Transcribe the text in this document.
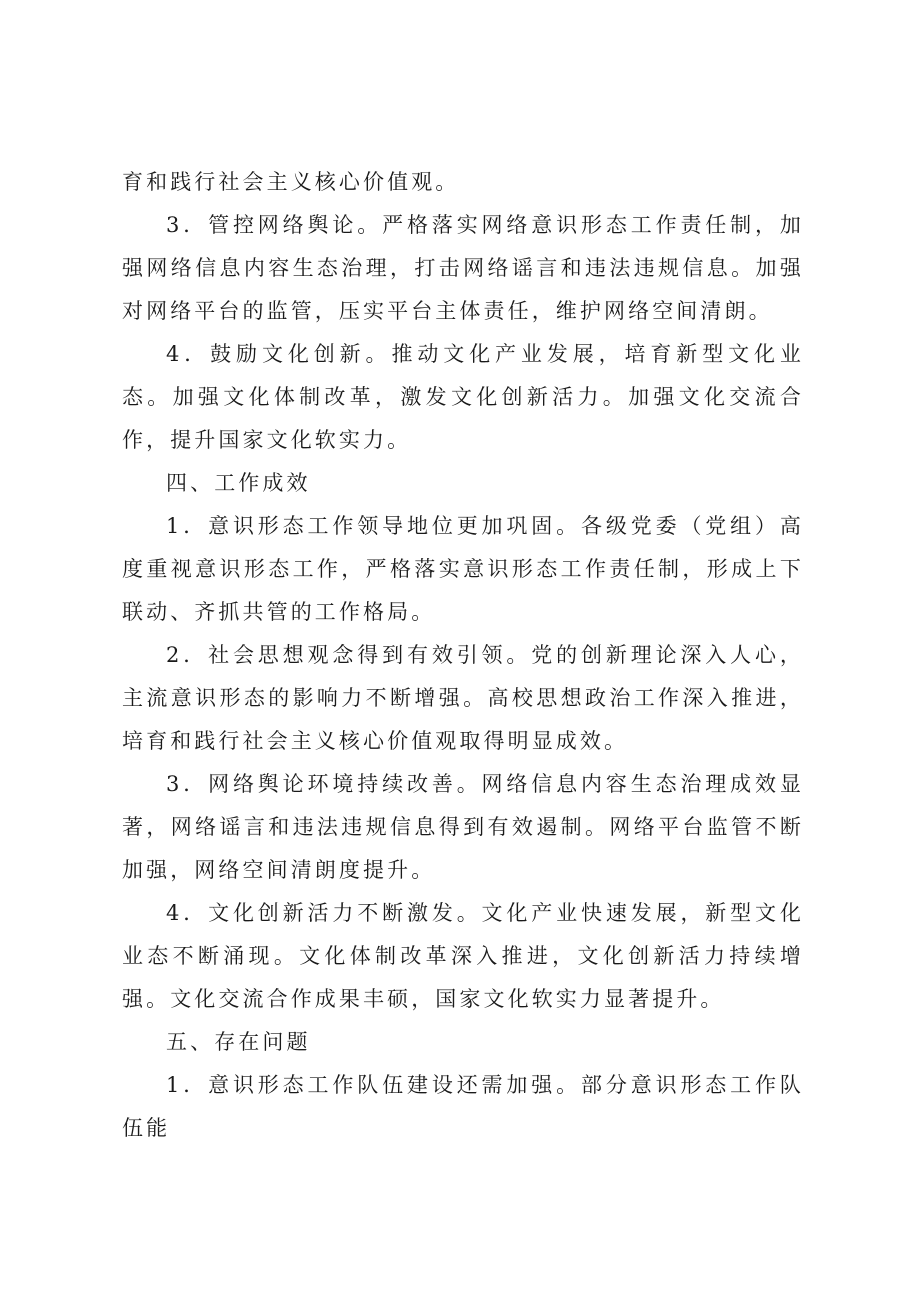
育和践行社会主义核心价值观。

3．管控网络舆论。严格落实网络意识形态工作责任制，加强网络信息内容生态治理，打击网络谣言和违法违规信息。加强对网络平台的监管，压实平台主体责任，维护网络空间清朗。

4．鼓励文化创新。推动文化产业发展，培育新型文化业态。加强文化体制改革，激发文化创新活力。加强文化交流合作，提升国家文化软实力。

四、工作成效

1．意识形态工作领导地位更加巩固。各级党委（党组）高度重视意识形态工作，严格落实意识形态工作责任制，形成上下联动、齐抓共管的工作格局。

2．社会思想观念得到有效引领。党的创新理论深入人心，主流意识形态的影响力不断增强。高校思想政治工作深入推进，培育和践行社会主义核心价值观取得明显成效。

3．网络舆论环境持续改善。网络信息内容生态治理成效显著，网络谣言和违法违规信息得到有效遏制。网络平台监管不断加强，网络空间清朗度提升。

4．文化创新活力不断激发。文化产业快速发展，新型文化业态不断涌现。文化体制改革深入推进，文化创新活力持续增强。文化交流合作成果丰硕，国家文化软实力显著提升。

五、存在问题

1．意识形态工作队伍建设还需加强。部分意识形态工作队伍能
